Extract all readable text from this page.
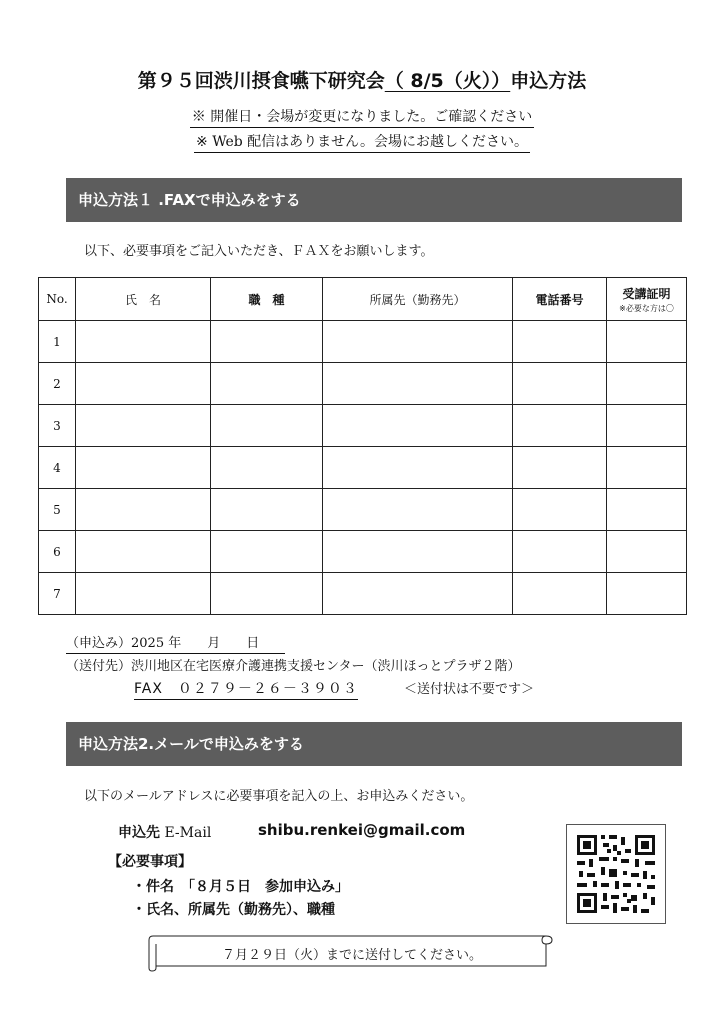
第９５回渋川摂食嚥下研究会（ 8/5（火））申込方法
※ 開催日・会場が変更になりました。ご確認ください
※ Web 配信はありません。会場にお越しください。
申込方法１ .FAXで申込みをする
以下、必要事項をご記入いただき、ＦＡＸをお願いします。
No.	氏　名	職　種	所属先（勤務先）	電話番号	受講証明
※必要な方は〇

1					
2					
3					
4					
5					
6					
7					
（申込み）2025 年　　月　　日  
（送付先）渋川地区在宅医療介護連携支援センター（渋川ほっとプラザ２階）
FAX　０２７９－２６－３９０３	＜送付状は不要です＞
申込方法2.メールで申込みをする
以下のメールアドレスに必要事項を記入の上、お申込みください。
申込先 E-Mail	shibu.renkei@gmail.com
【必要事項】
・件名　「８月５日　参加申込み」
・氏名、所属先（勤務先）、職種
７月２９日（火）までに送付してください。
